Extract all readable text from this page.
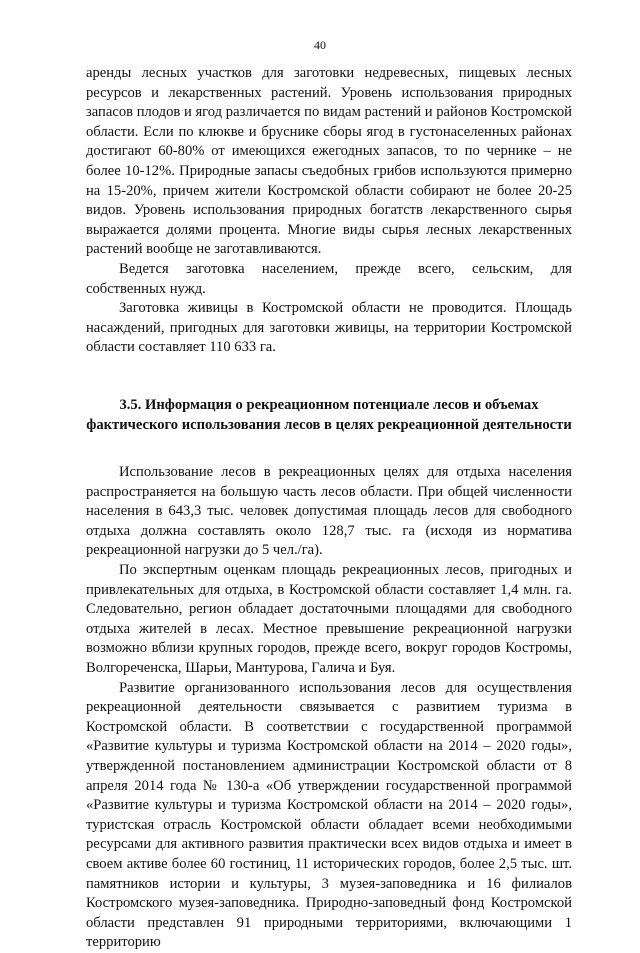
40

аренды лесных участков для заготовки недревесных, пищевых лесных ресурсов и лекарственных растений. Уровень использования природных запасов плодов и ягод различается по видам растений и районов Костромской области. Если по клюкве и бруснике сборы ягод в густонаселенных районах достигают 60-80% от имеющихся ежегодных запасов, то по чернике – не более 10-12%. Природные запасы съедобных грибов используются примерно на 15-20%, причем жители Костромской области собирают не более 20-25 видов. Уровень использования природных богатств лекарственного сырья выражается долями процента. Многие виды сырья лесных лекарственных растений вообще не заготавливаются.

Ведется заготовка населением, прежде всего, сельским, для собственных нужд.

Заготовка живицы в Костромской области не проводится. Площадь насаждений, пригодных для заготовки живицы, на территории Костромской области составляет 110 633 га.

3.5. Информация о рекреационном потенциале лесов и объемах
фактического использования лесов в целях рекреационной деятельности

Использование лесов в рекреационных целях для отдыха населения распространяется на большую часть лесов области. При общей численности населения в 643,3 тыс. человек допустимая площадь лесов для свободного отдыха должна составлять около 128,7 тыс. га (исходя из норматива рекреационной нагрузки до 5 чел./га).

По экспертным оценкам площадь рекреационных лесов, пригодных и привлекательных для отдыха, в Костромской области составляет 1,4 млн. га. Следовательно, регион обладает достаточными площадями для свободного отдыха жителей в лесах. Местное превышение рекреационной нагрузки возможно вблизи крупных городов, прежде всего, вокруг городов Костромы, Волгореченска, Шарьи, Мантурова, Галича и Буя.

Развитие организованного использования лесов для осуществления рекреационной деятельности связывается с развитием туризма в Костромской области. В соответствии с государственной программой «Развитие культуры и туризма Костромской области на 2014 – 2020 годы», утвержденной постановлением администрации Костромской области от 8 апреля 2014 года № 130-а «Об утверждении государственной программой «Развитие культуры и туризма Костромской области на 2014 – 2020 годы», туристская отрасль Костромской области обладает всеми необходимыми ресурсами для активного развития практически всех видов отдыха и имеет в своем активе более 60 гостиниц, 11 исторических городов, более 2,5 тыс. шт. памятников истории и культуры, 3 музея-заповедника и 16 филиалов Костромского музея-заповедника. Природно-заповедный фонд Костромской области представлен 91 природными территориями, включающими 1 территорию
